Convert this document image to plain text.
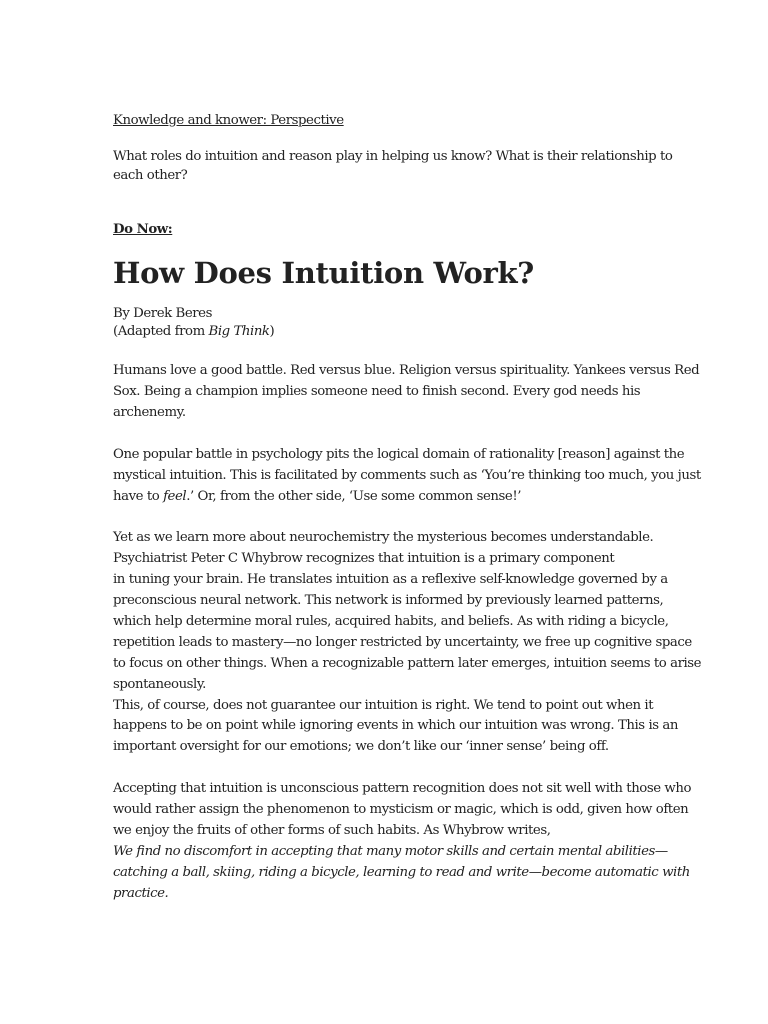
Knowledge and knower: Perspective
What roles do intuition and reason play in helping us know? What is their relationship to
each other?
Do Now:
How Does Intuition Work?
By Derek Beres
(Adapted from Big Think)
Humans love a good battle. Red versus blue. Religion versus spirituality. Yankees versus Red
Sox. Being a champion implies someone need to finish second. Every god needs his
archenemy.
One popular battle in psychology pits the logical domain of rationality [reason] against the
mystical intuition. This is facilitated by comments such as ‘You’re thinking too much, you just
have to feel.’ Or, from the other side, ‘Use some common sense!’
Yet as we learn more about neurochemistry the mysterious becomes understandable.
Psychiatrist Peter C Whybrow recognizes that intuition is a primary component
in tuning your brain. He translates intuition as a reflexive self-knowledge governed by a
preconscious neural network. This network is informed by previously learned patterns,
which help determine moral rules, acquired habits, and beliefs. As with riding a bicycle,
repetition leads to mastery—no longer restricted by uncertainty, we free up cognitive space
to focus on other things. When a recognizable pattern later emerges, intuition seems to arise
spontaneously.
This, of course, does not guarantee our intuition is right. We tend to point out when it
happens to be on point while ignoring events in which our intuition was wrong. This is an
important oversight for our emotions; we don’t like our ‘inner sense’ being off.
Accepting that intuition is unconscious pattern recognition does not sit well with those who
would rather assign the phenomenon to mysticism or magic, which is odd, given how often
we enjoy the fruits of other forms of such habits. As Whybrow writes,
We find no discomfort in accepting that many motor skills and certain mental abilities—
catching a ball, skiing, riding a bicycle, learning to read and write—become automatic with
practice.
